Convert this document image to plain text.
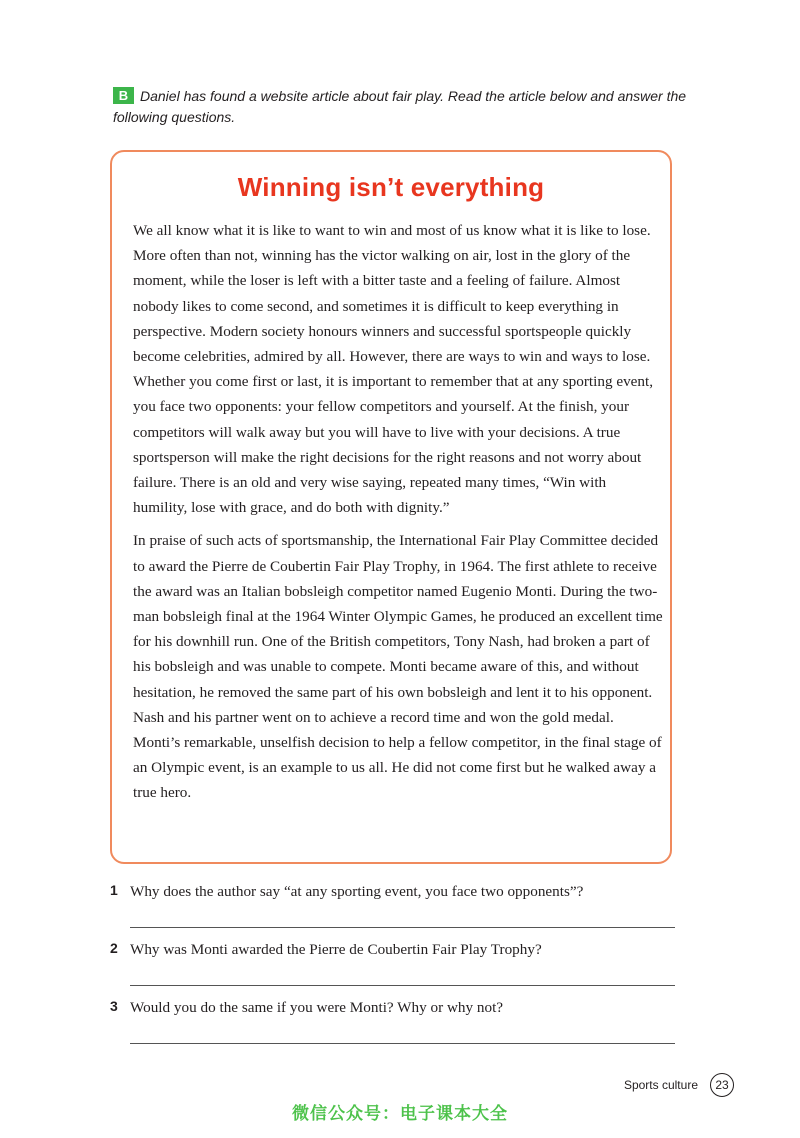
B Daniel has found a website article about fair play. Read the article below and answer the following questions.
Winning isn’t everything

We all know what it is like to want to win and most of us know what it is like to lose. More often than not, winning has the victor walking on air, lost in the glory of the moment, while the loser is left with a bitter taste and a feeling of failure. Almost nobody likes to come second, and sometimes it is difficult to keep everything in perspective. Modern society honours winners and successful sportspeople quickly become celebrities, admired by all. However, there are ways to win and ways to lose. Whether you come first or last, it is important to remember that at any sporting event, you face two opponents: your fellow competitors and yourself. At the finish, your competitors will walk away but you will have to live with your decisions. A true sportsperson will make the right decisions for the right reasons and not worry about failure. There is an old and very wise saying, repeated many times, “Win with humility, lose with grace, and do both with dignity.”

In praise of such acts of sportsmanship, the International Fair Play Committee decided to award the Pierre de Coubertin Fair Play Trophy, in 1964. The first athlete to receive the award was an Italian bobsleigh competitor named Eugenio Monti. During the two-man bobsleigh final at the 1964 Winter Olympic Games, he produced an excellent time for his downhill run. One of the British competitors, Tony Nash, had broken a part of his bobsleigh and was unable to compete. Monti became aware of this, and without hesitation, he removed the same part of his own bobsleigh and lent it to his opponent. Nash and his partner went on to achieve a record time and won the gold medal. Monti’s remarkable, unselfish decision to help a fellow competitor, in the final stage of an Olympic event, is an example to us all. He did not come first but he walked away a true hero.

1 Why does the author say “at any sporting event, you face two opponents”?
2 Why was Monti awarded the Pierre de Coubertin Fair Play Trophy?
3 Would you do the same if you were Monti? Why or why not?
Sports culture	23
微信公众号：电子课本大全
